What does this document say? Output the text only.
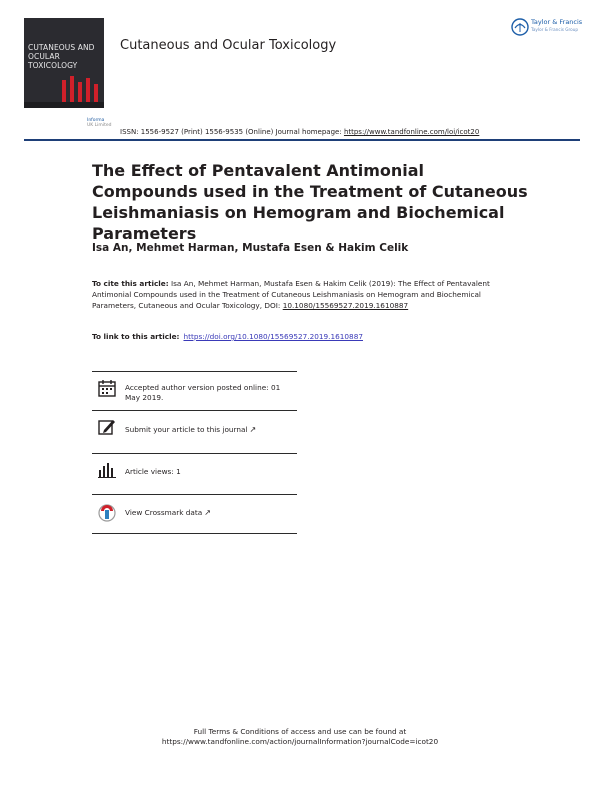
CUTANEOUS AND
OCULAR TOXICOLOGY
Cutaneous and Ocular Toxicology
Taylor & Francis
Taylor & Francis Group
Informa
UK Limited
ISSN: 1556-9527 (Print) 1556-9535 (Online) Journal homepage: https://www.tandfonline.com/loi/icot20
The Effect of Pentavalent Antimonial Compounds used in the Treatment of Cutaneous Leishmaniasis on Hemogram and Biochemical Parameters
Isa An, Mehmet Harman, Mustafa Esen & Hakim Celik
To cite this article: Isa An, Mehmet Harman, Mustafa Esen & Hakim Celik (2019): The Effect of Pentavalent Antimonial Compounds used in the Treatment of Cutaneous Leishmaniasis on Hemogram and Biochemical Parameters, Cutaneous and Ocular Toxicology, DOI: 10.1080/15569527.2019.1610887
To link to this article: https://doi.org/10.1080/15569527.2019.1610887
Accepted author version posted online: 01 May 2019.
Submit your article to this journal ↗
Article views: 1
View Crossmark data ↗
Full Terms & Conditions of access and use can be found at
https://www.tandfonline.com/action/journalInformation?journalCode=icot20
